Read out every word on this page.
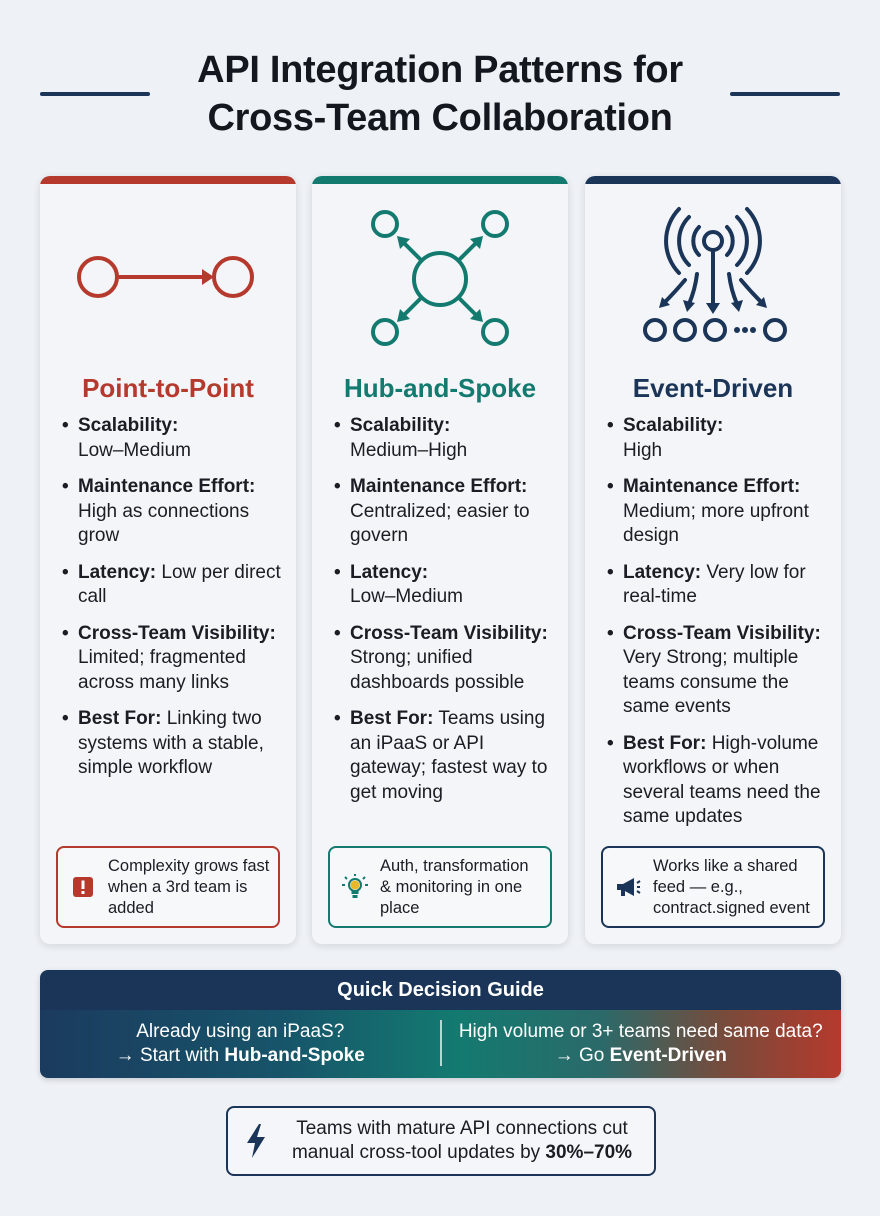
API Integration Patterns for
Cross-Team Collaboration
Point-to-Point
• Scalability:
Low–Medium
• Maintenance Effort:
High as connections grow
• Latency: Low per direct call
• Cross-Team Visibility:
Limited; fragmented across many links
• Best For: Linking two systems with a stable, simple workflow
Complexity grows fast when a 3rd team is added
Hub-and-Spoke
• Scalability:
Medium–High
• Maintenance Effort:
Centralized; easier to govern
• Latency:
Low–Medium
• Cross-Team Visibility: Strong; unified dashboards possible
• Best For: Teams using an iPaaS or API gateway; fastest way to get moving
Auth, transformation & monitoring in one place
Event-Driven
• Scalability:
High
• Maintenance Effort:
Medium; more upfront design
• Latency: Very low for real-time
• Cross-Team Visibility:
Very Strong; multiple teams consume the same events
• Best For: High-volume workflows or when several teams need the same updates
Works like a shared feed — e.g., contract.signed event
Quick Decision Guide
Already using an iPaaS?
→ Start with Hub-and-Spoke
High volume or 3+ teams need same data?
→ Go Event-Driven
Teams with mature API connections cut
manual cross-tool updates by 30%–70%
